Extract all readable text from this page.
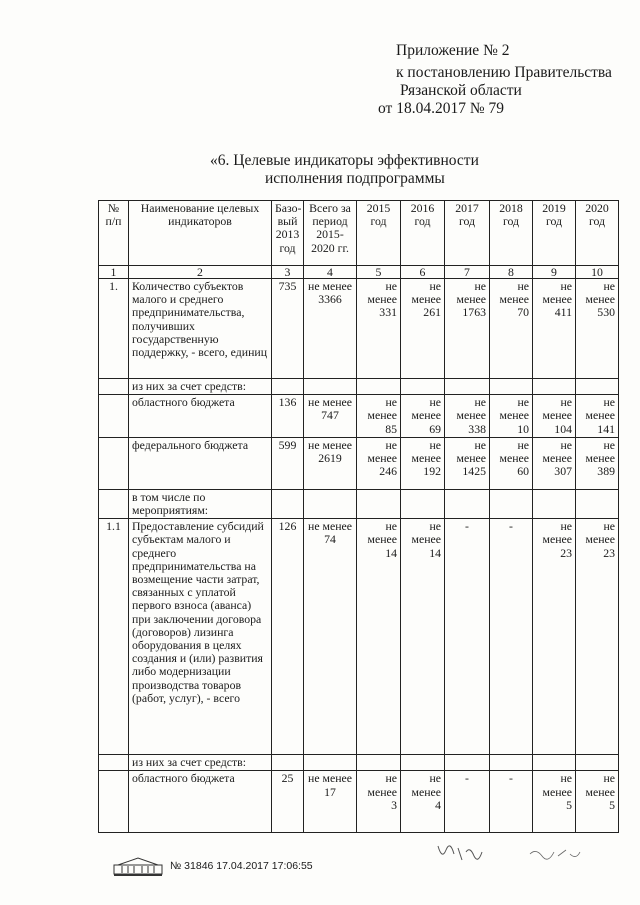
Приложение № 2
к постановлению Правительства
Рязанской области
от 18.04.2017 № 79
«6. Целевые индикаторы эффективности
исполнения подпрограммы
№ п/п	Наименование целевых индикаторов	Базо- вый 2013 год	Всего за период 2015- 2020 гг.	2015 год	2016 год	2017 год	2018 год	2019 год	2020 год
1	2	3	4	5	6	7	8	9	10
1.	Количество субъектов малого и среднего предпринимательства, получивших государственную поддержку, - всего, единиц	735	не менее 3366	не менее 331	не менее 261	не менее 1763	не менее 70	не менее 411	не менее 530
	из них за счет средств:								
	областного бюджета	136	не менее 747	не менее 85	не менее 69	не менее 338	не менее 10	не менее 104	не менее 141
	федерального бюджета	599	не менее 2619	не менее 246	не менее 192	не менее 1425	не менее 60	не менее 307	не менее 389
	в том числе по мероприятиям:								
1.1	Предоставление субсидий субъектам малого и среднего предпринимательства на возмещение части затрат, связанных с уплатой первого взноса (аванса) при заключении договора (договоров) лизинга оборудования в целях создания и (или) развития либо модернизации производства товаров (работ, услуг), - всего	126	не менее 74	не менее 14	не менее 14	-	-	не менее 23	не менее 23
	из них за счет средств:								
	областного бюджета	25	не менее 17	не менее 3	не менее 4	-	-	не менее 5	не менее 5
№ 31846 17.04.2017 17:06:55
